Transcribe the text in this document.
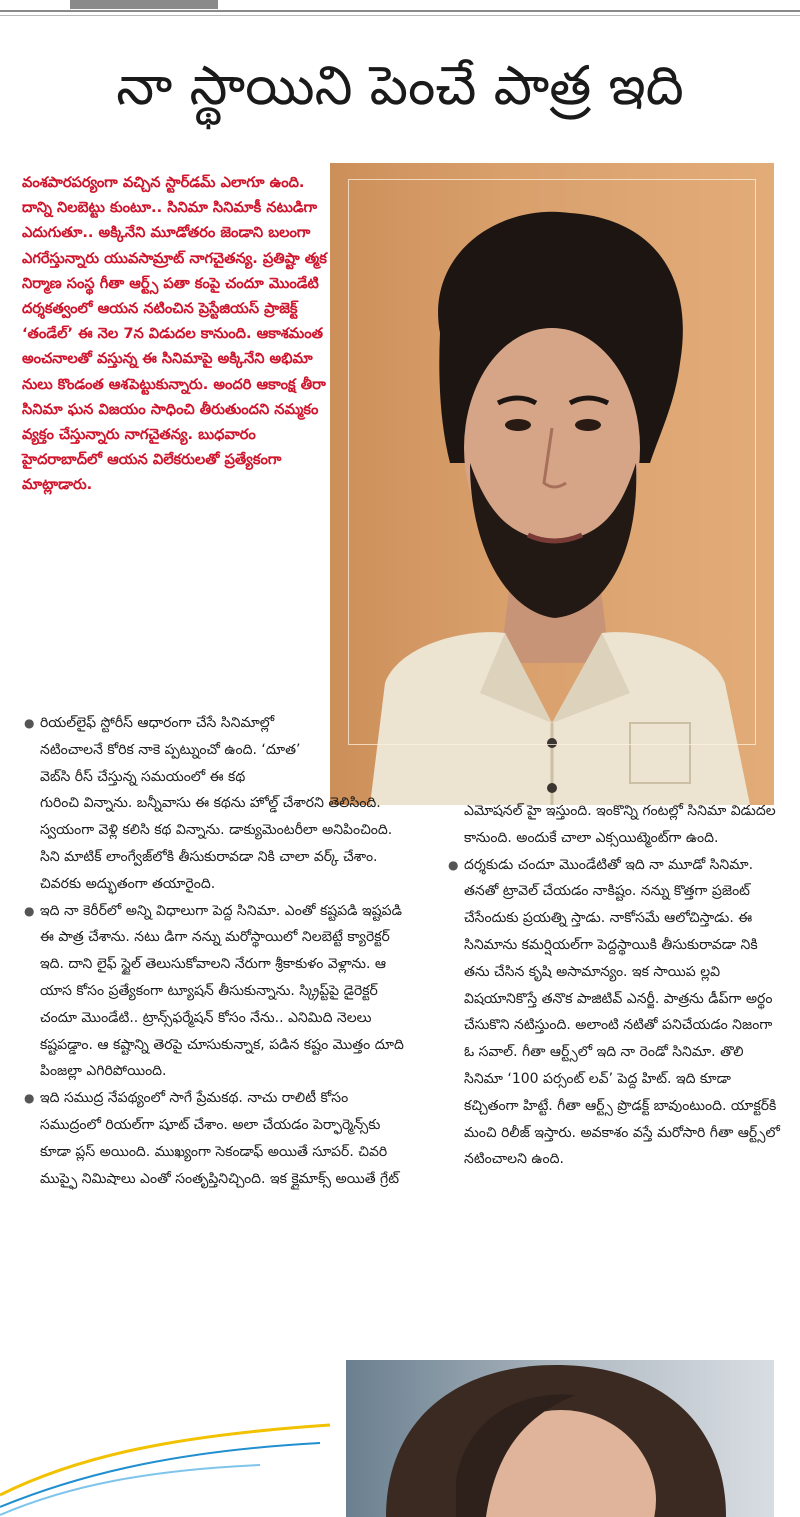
నా స్థాయిని పెంచే పాత్ర ఇది

వంశపారపర్యంగా వచ్చిన స్టార్‌డమ్ ఎలాగూ ఉంది. దాన్ని నిలబెట్టు కుంటూ.. సినిమా సినిమాకీ నటుడిగా ఎదుగుతూ.. అక్కినేని మూడోతరం జెండాని బలంగా ఎగరేస్తున్నారు యువసామ్రాట్ నాగచైతన్య. ప్రతిష్టా త్మక నిర్మాణ సంస్థ గీతా ఆర్ట్స్ పతా కంపై చందూ మొండేటి దర్శకత్వంలో ఆయన నటించిన ప్రెస్టేజియస్ ప్రాజెక్ట్ ‘తండేల్’ ఈ నెల 7న విడుదల కానుంది. ఆకాశమంత అంచనాలతో వస్తున్న ఈ సినిమాపై అక్కినేని అభిమా నులు కొండంత ఆశపెట్టుకున్నారు. అందరి ఆకాంక్ష తీరా సినిమా ఘన విజయం సాధించి తీరుతుందని నమ్మకం వ్యక్తం చేస్తున్నారు నాగచైతన్య. బుధవారం హైదరాబాద్‌లో ఆయన విలేకరులతో ప్రత్యేకంగా మాట్లాడారు.

● రియల్‌లైఫ్ స్టోరీస్ ఆధారంగా చేసే సినిమాల్లో నటించాలనే కోరిక నాకె ప్పట్నుంచో ఉంది. ‘దూత’ వెబ్‌సి రీస్ చేస్తున్న సమయంలో ఈ కథ
గురించి విన్నాను. బన్నీవాసు ఈ కథను హోల్డ్ చేశారని తెలిసింది. స్వయంగా వెళ్లి కలిసి కథ విన్నాను. డాక్యుమెంటరీలా అనిపించింది. సిని మాటిక్ లాంగ్వేజ్‌లోకి తీసుకురావడా నికి చాలా వర్క్ చేశాం. చివరకు అద్భుతంగా తయారైంది.
● ఇది నా కెరీర్‌లో అన్ని విధాలుగా పెద్ద సినిమా. ఎంతో కష్టపడి ఇష్టపడి ఈ పాత్ర చేశాను. నటు డిగా నన్ను మరోస్థాయిలో నిలబెట్టే క్యారెక్టర్ ఇది. దాని లైఫ్ స్టైల్ తెలుసుకోవాలని నేరుగా శ్రీకాకుళం వెళ్లాను. ఆ యాస కోసం ప్రత్యేకంగా ట్యూషన్ తీసుకున్నాను. స్క్రిప్ట్‌పై డైరెక్టర్ చందూ మొండేటి.. ట్రాన్స్‌ఫర్మేషన్ కోసం నేను.. ఎనిమిది నెలలు కష్టపడ్డాం. ఆ కష్టాన్ని తెరపై చూసుకున్నాక, పడిన కష్టం మొత్తం దూది పింజల్లా ఎగిరిపోయింది.
● ఇది సముద్ర నేపథ్యంలో సాగే ప్రేమకథ. నాచు రాలిటీ కోసం సముద్రంలో రియల్‌గా షూట్ చేశాం. అలా చేయడం పెర్ఫార్మెన్స్‌కు కూడా ప్లస్ అయింది. ముఖ్యంగా సెకండాఫ్ అయితే సూపర్. చివరి ముప్ఫై నిమిషాలు ఎంతో సంతృప్తినిచ్చింది. ఇక క్లైమాక్స్ అయితే గ్రేట్
ఎమోషనల్ హై ఇస్తుంది. ఇంకొన్ని గంటల్లో సినిమా విడుదల కానుంది. అందుకే చాలా ఎక్సయిట్మెంట్‌గా ఉంది.
● దర్శకుడు చందూ మొండేటితో ఇది నా మూడో సినిమా. తనతో ట్రావెల్ చేయడం నాకిష్టం. నన్ను కొత్తగా ప్రజెంట్ చేసేందుకు ప్రయత్ని స్తాడు. నాకోసమే ఆలోచిస్తాడు. ఈ సినిమాను కమర్షియల్‌గా పెద్దస్థాయికి తీసుకురావడా నికి తను చేసిన కృషి అసామాన్యం. ఇక సాయిప ల్లవి విషయానికొస్తే తనొక పాజిటివ్ ఎనర్జీ. పాత్రను డీప్‌గా అర్థం చేసుకొని నటిస్తుంది. అలాంటి నటితో పనిచేయడం నిజంగా ఓ సవాల్. గీతా ఆర్ట్స్‌లో ఇది నా రెండో సినిమా. తొలి సినిమా ‘100 పర్సంట్ లవ్’ పెద్ద హిట్. ఇది కూడా కచ్చితంగా హిట్టే. గీతా ఆర్ట్స్ ప్రొడక్ట్ బావుంటుంది. యాక్టర్‌కి మంచి రిలీజ్ ఇస్తారు. అవకాశం వస్తే మరోసారి గీతా ఆర్ట్స్‌లో నటించాలని ఉంది.
